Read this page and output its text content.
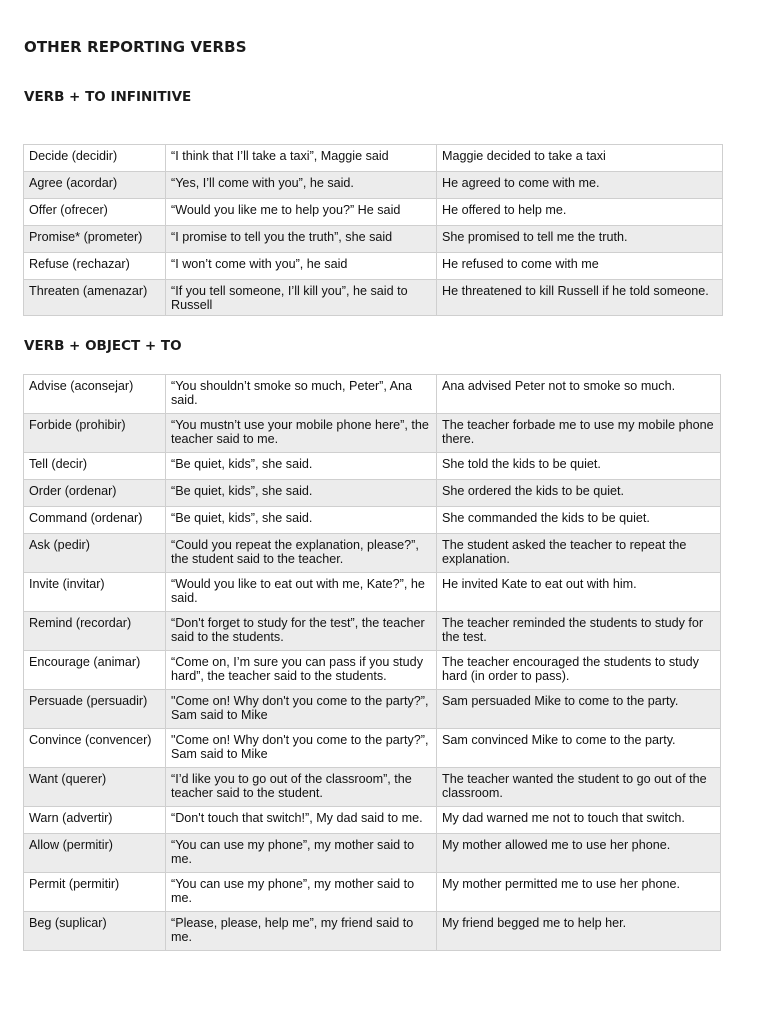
OTHER REPORTING VERBS
VERB + TO INFINITIVE
Decide (decidir)	“I think that I’ll take a taxi”, Maggie said	Maggie decided to take a taxi
Agree (acordar)	“Yes, I’ll come with you”, he said.	He agreed to come with me.
Offer (ofrecer)	“Would you like me to help you?” He said	He offered to help me.
Promise* (prometer)	“I promise to tell you the truth”, she said	She promised to tell me the truth.
Refuse (rechazar)	“I won’t come with you”, he said	He refused to come with me
Threaten (amenazar)	“If you tell someone, I’ll kill you”, he said to Russell	He threatened to kill Russell if he told someone.
VERB + OBJECT + TO
Advise (aconsejar)	“You shouldn’t smoke so much, Peter”, Ana said.	Ana advised Peter not to smoke so much.
Forbide (prohibir)	“You mustn’t use your mobile phone here”, the teacher said to me.	The teacher forbade me to use my mobile phone there.
Tell (decir)	“Be quiet, kids”, she said.	She told the kids to be quiet.
Order (ordenar)	“Be quiet, kids”, she said.	She ordered the kids to be quiet.
Command (ordenar)	“Be quiet, kids”, she said.	She commanded the kids to be quiet.
Ask (pedir)	“Could you repeat the explanation, please?”, the student said to the teacher.	The student asked the teacher to repeat the explanation.
Invite (invitar)	“Would you like to eat out with me, Kate?”, he said.	He invited Kate to eat out with him.
Remind (recordar)	“Don't forget to study for the test”, the teacher said to the students.	The teacher reminded the students to study for the test.
Encourage (animar)	“Come on, I’m sure you can pass if you study hard”, the teacher said to the students.	The teacher encouraged the students to study hard (in order to pass).
Persuade (persuadir)	"Come on! Why don't you come to the party?”, Sam said to Mike	Sam persuaded Mike to come to the party.
Convince (convencer)	"Come on! Why don't you come to the party?”, Sam said to Mike	Sam convinced Mike to come to the party.
Want (querer)	“I’d like you to go out of the classroom”, the teacher said to the student.	The teacher wanted the student to go out of the classroom.
Warn (advertir)	“Don't touch that switch!”, My dad said to me.	My dad warned me not to touch that switch.
Allow (permitir)	“You can use my phone”, my mother said to me.	My mother allowed me to use her phone.
Permit (permitir)	“You can use my phone”, my mother said to me.	My mother permitted me to use her phone.
Beg (suplicar)	“Please, please, help me”, my friend said to me.	My friend begged me to help her.
